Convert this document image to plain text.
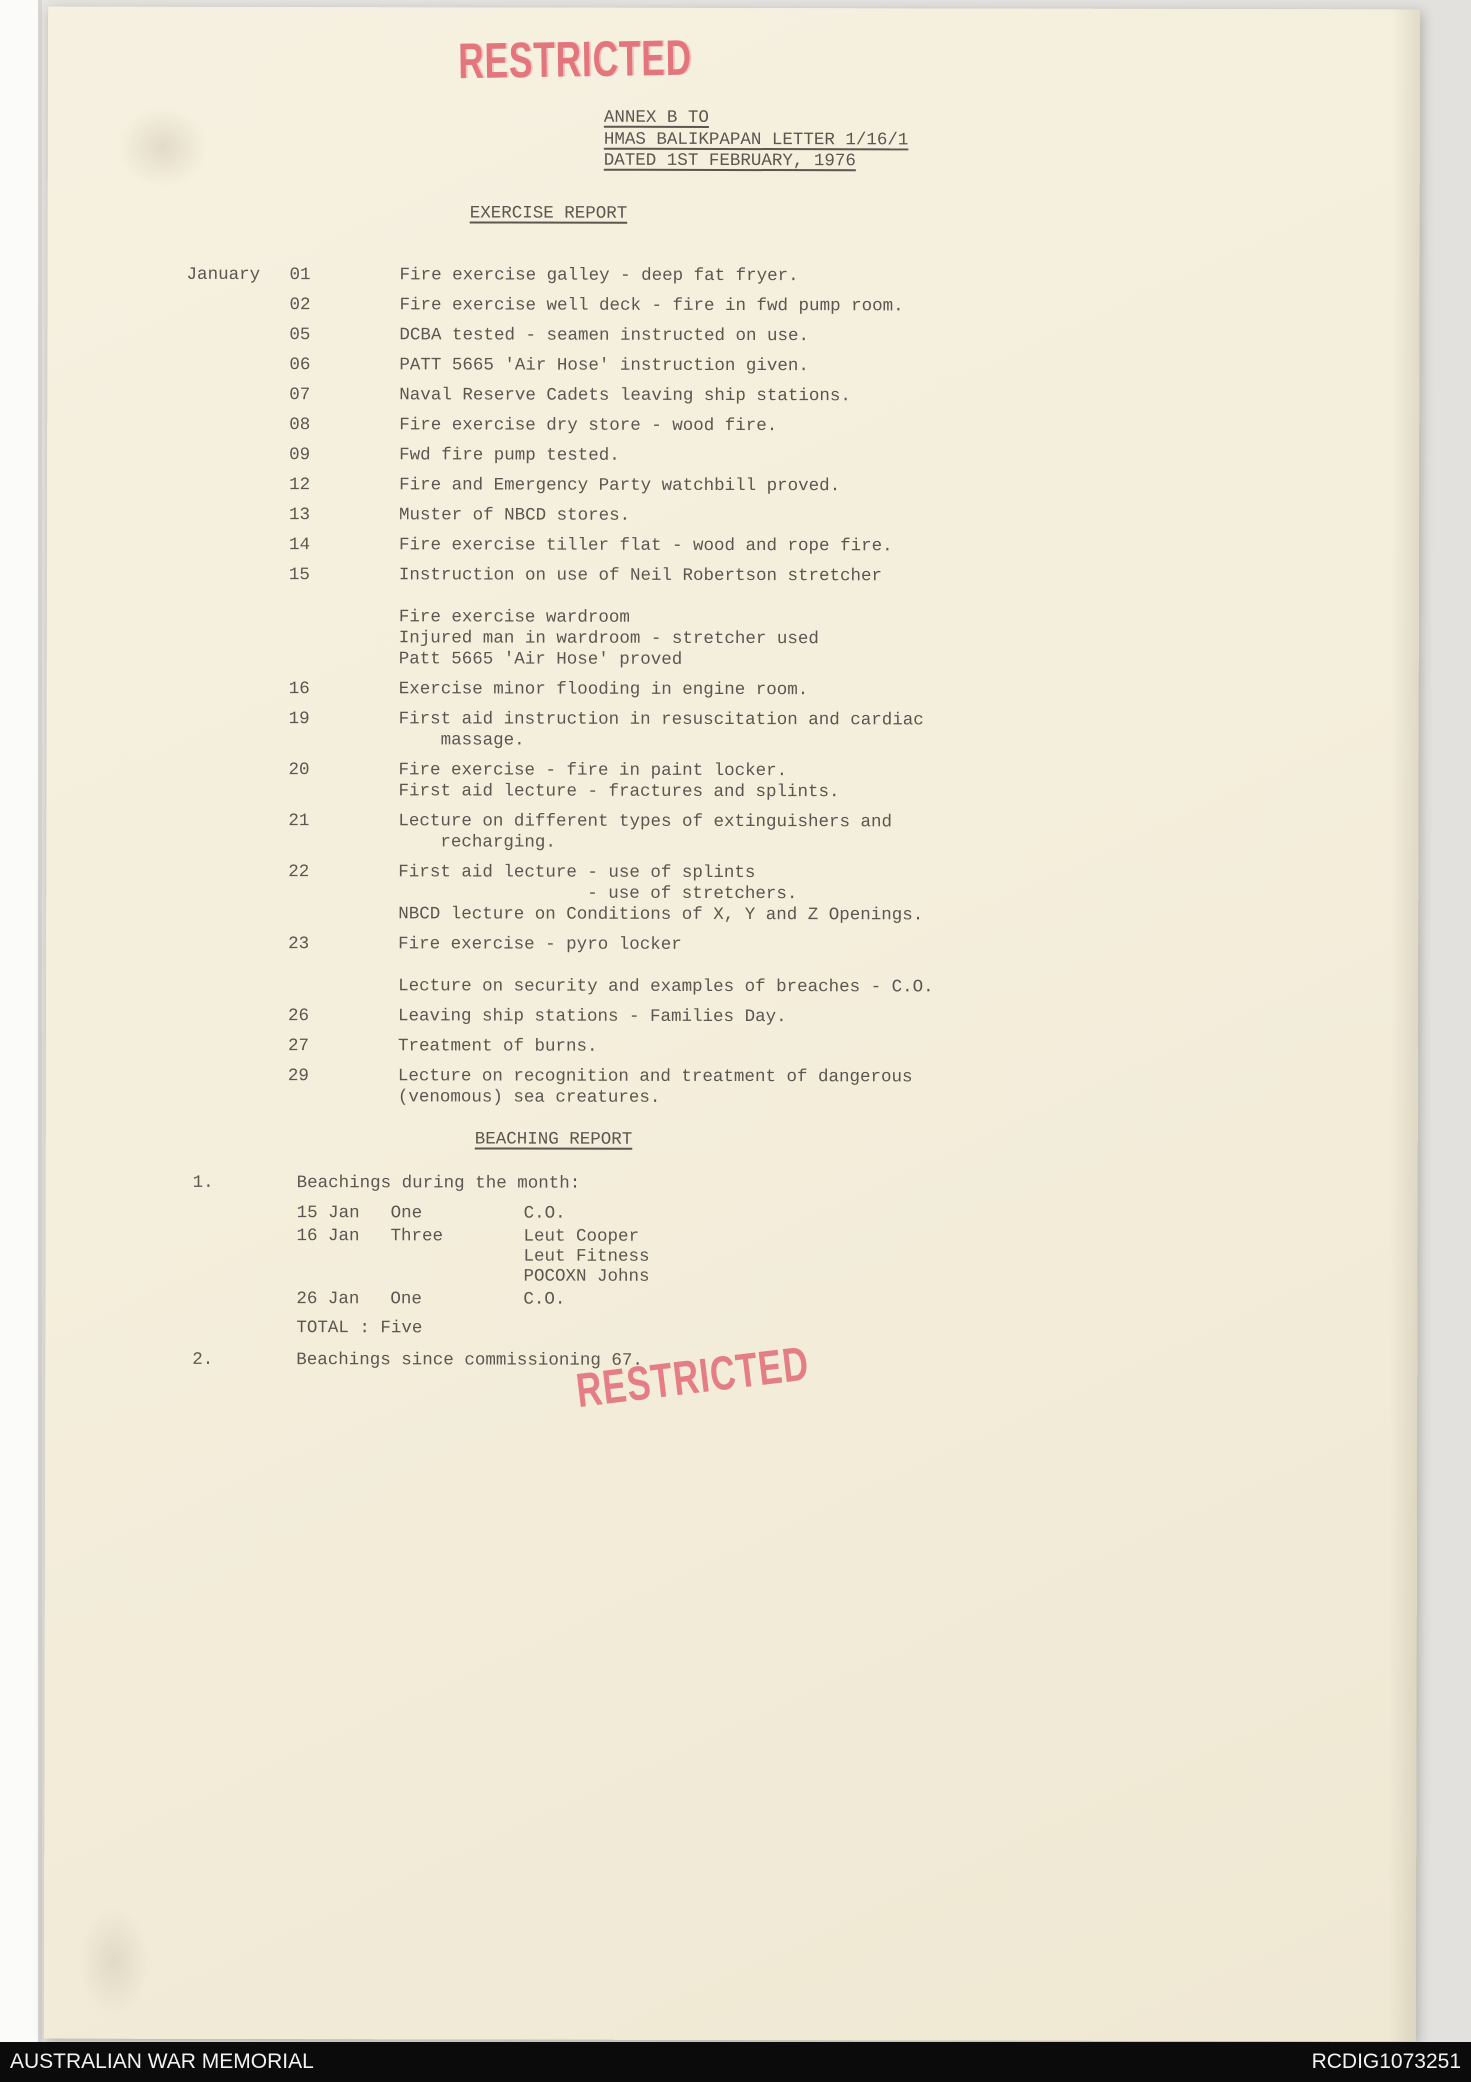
RESTRICTED
ANNEX B TO
HMAS BALIKPAPAN LETTER 1/16/1
DATED 1ST FEBRUARY, 1976
EXERCISE REPORT
January 01	Fire exercise galley - deep fat fryer.
02	Fire exercise well deck - fire in fwd pump room.
05	DCBA tested - seamen instructed on use.
06	PATT 5665 'Air Hose' instruction given.
07	Naval Reserve Cadets leaving ship stations.
08	Fire exercise dry store - wood fire.
09	Fwd fire pump tested.
12	Fire and Emergency Party watchbill proved.
13	Muster of NBCD stores.
14	Fire exercise tiller flat - wood and rope fire.
15	Instruction on use of Neil Robertson stretcher

Fire exercise wardroom
Injured man in wardroom - stretcher used
Patt 5665 'Air Hose' proved
16	Exercise minor flooding in engine room.
19	First aid instruction in resuscitation and cardiac
massage.
20	Fire exercise - fire in paint locker.
First aid lecture - fractures and splints.
21	Lecture on different types of extinguishers and
recharging.
22	First aid lecture - use of splints
- use of stretchers.
NBCD lecture on Conditions of X, Y and Z Openings.
23	Fire exercise - pyro locker

Lecture on security and examples of breaches - C.O.
26	Leaving ship stations - Families Day.
27	Treatment of burns.
29	Lecture on recognition and treatment of dangerous
(venomous) sea creatures.
BEACHING REPORT
1.	Beachings during the month:
15 Jan	One	C.O.
16 Jan	Three	Leut Cooper
Leut Fitness
POCOXN Johns
26 Jan	One	C.O.
TOTAL : Five
2.	Beachings since commissioning 67.
RESTRICTED
AUSTRALIAN WAR MEMORIAL	RCDIG1073251
